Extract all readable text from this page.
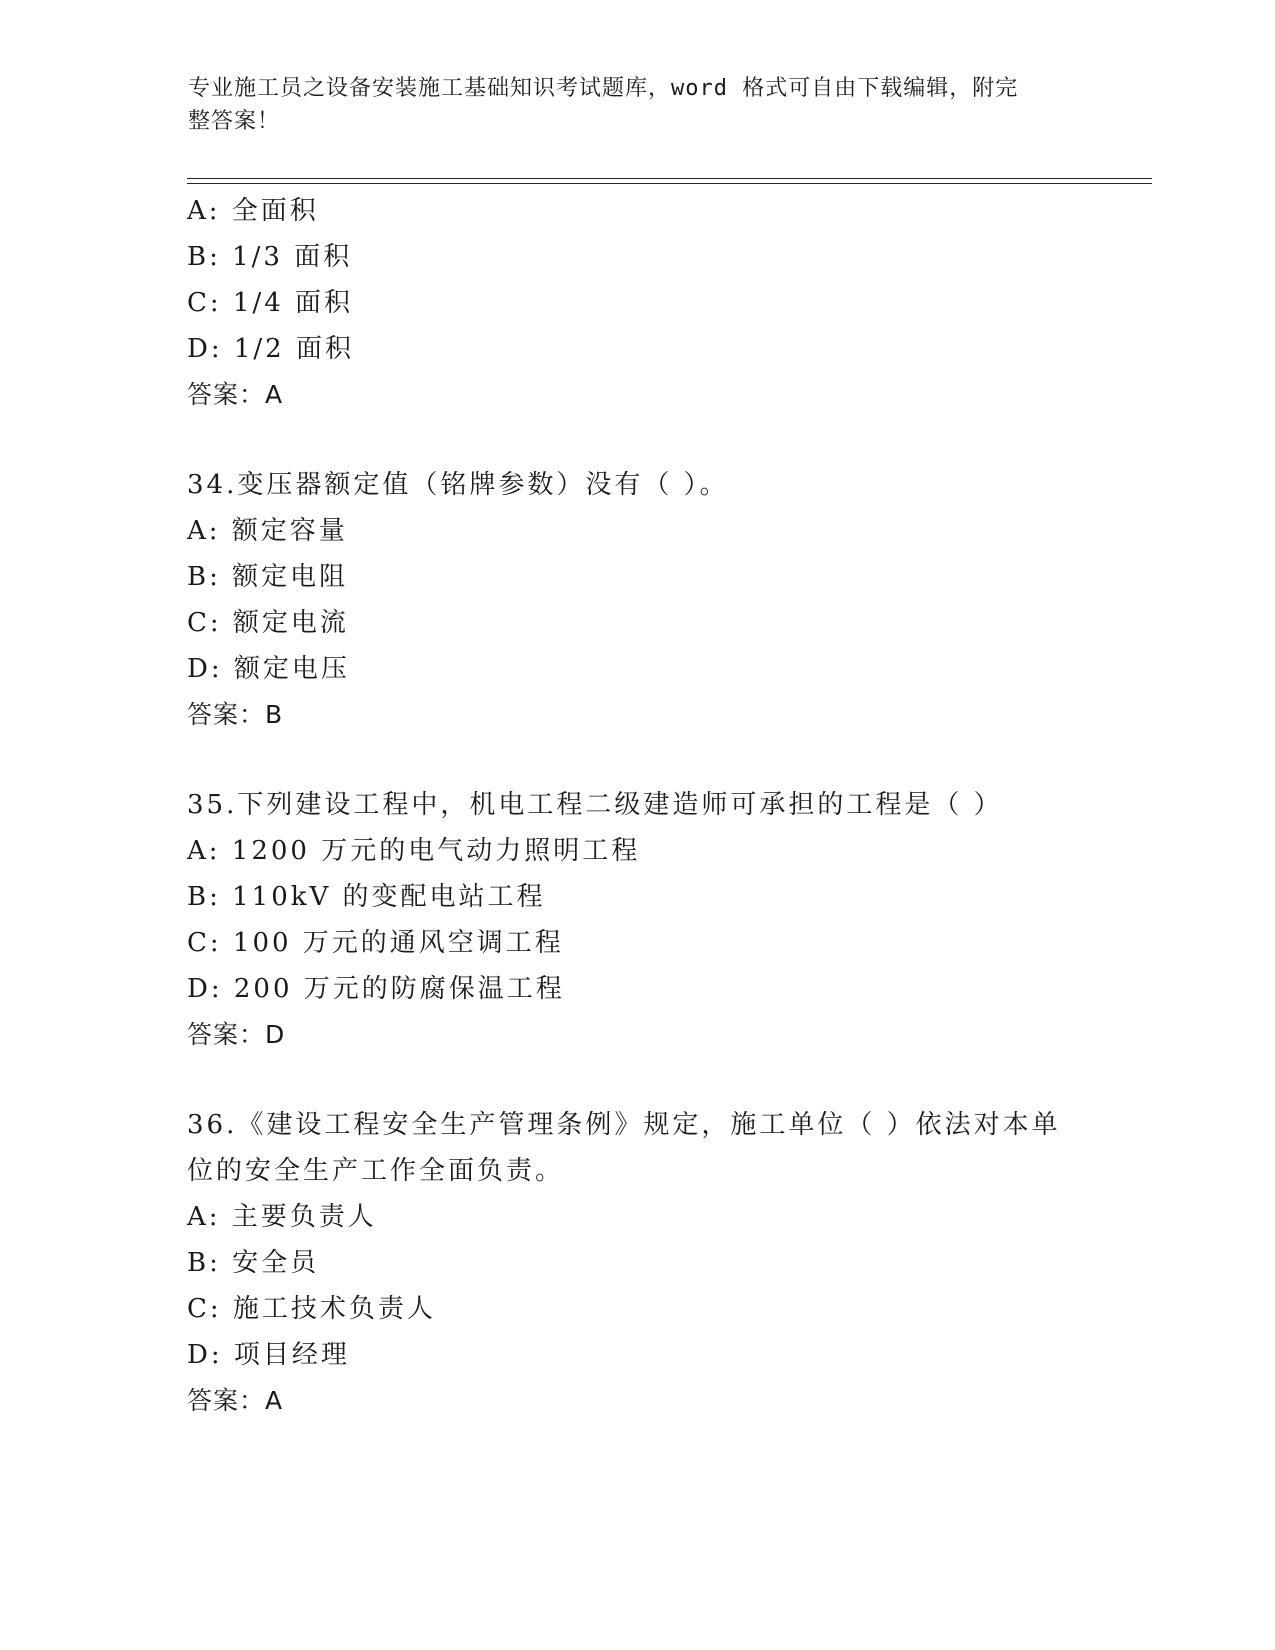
专业施工员之设备安装施工基础知识考试题库，word 格式可自由下载编辑，附完
整答案！
A: 全面积
B: 1/3 面积
C: 1/4 面积
D: 1/2 面积
答案：A
34.变压器额定值（铭牌参数）没有（ ）。
A: 额定容量
B: 额定电阻
C: 额定电流
D: 额定电压
答案：B
35.下列建设工程中，机电工程二级建造师可承担的工程是（ ）
A: 1200 万元的电气动力照明工程
B: 110kV 的变配电站工程
C: 100 万元的通风空调工程
D: 200 万元的防腐保温工程
答案：D
36.《建设工程安全生产管理条例》规定，施工单位（ ）依法对本单
位的安全生产工作全面负责。
A: 主要负责人
B: 安全员
C: 施工技术负责人
D: 项目经理
答案：A
